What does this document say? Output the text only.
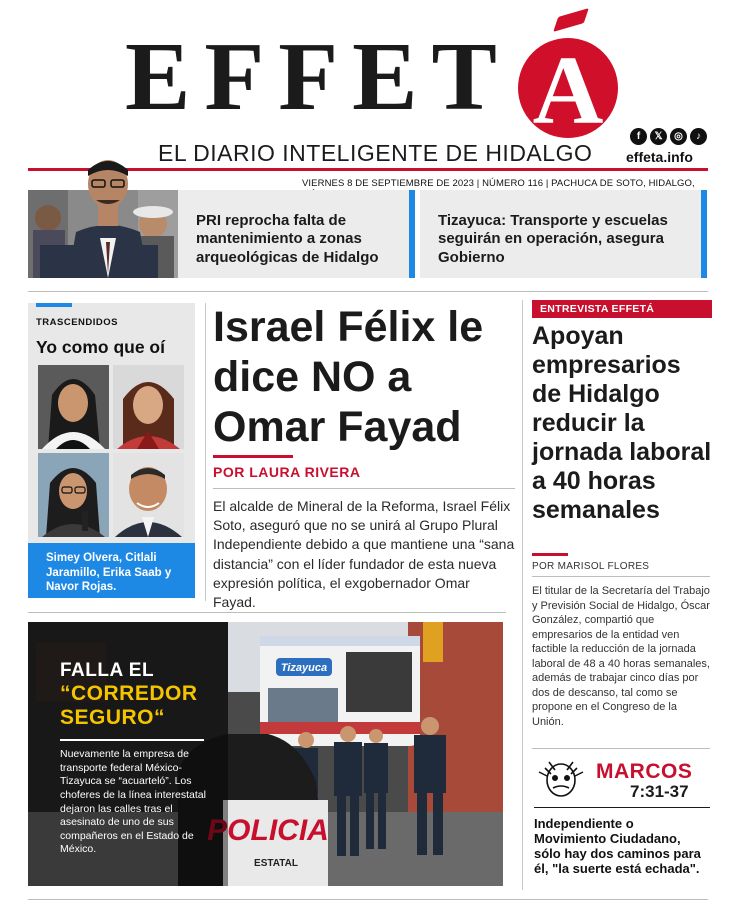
EFFET A
EL DIARIO INTELIGENTE DE HIDALGO
f	𝕏	◎	♪
effeta.info
VIERNES 8 DE SEPTIEMBRE DE 2023 | NÚMERO 116 | PACHUCA DE SOTO, HIDALGO,
PRI reprocha falta de mantenimiento a zonas arqueológicas de Hidalgo
Tizayuca: Transporte y escuelas seguirán en operación, asegura Gobierno
TRASCENDIDOS
Yo como que oí
Simey Olvera, Citlali Jaramillo, Erika Saab y Navor Rojas.
Israel Félix le dice NO a Omar Fayad
POR LAURA RIVERA

El alcalde de Mineral de la Reforma, Israel Félix Soto, aseguró que no se unirá al Grupo Plural Independiente debido a que mantiene una “sana distancia” con el líder fundador de esta nueva expresión política, el exgobernador Omar Fayad.

ENTREVISTA EFFETÁ
Apoyan empresarios de Hidalgo reducir la jornada laboral a 40 horas semanales
POR MARISOL FLORES

El titular de la Secretaría del Trabajo y Previsión Social de Hidalgo, Óscar González, compartió que empresarios de la entidad ven factible la reducción de la jornada laboral de 48 a 40 horas semanales, además de trabajar cinco días por dos de descanso, tal como se propone en el Congreso de la Unión.

Tizayuca
POLICIA
ESTATAL
FALLA EL
“CORREDOR SEGURO“

Nuevamente la empresa de transporte federal México-Tizayuca se “acuarteló”. Los choferes de la línea interestatal dejaron las calles tras el asesinato de uno de sus compañeros en el Estado de México.

MARCOS
7:31-37

Independiente o Movimiento Ciudadano, sólo hay dos caminos para él, "la suerte está echada".
